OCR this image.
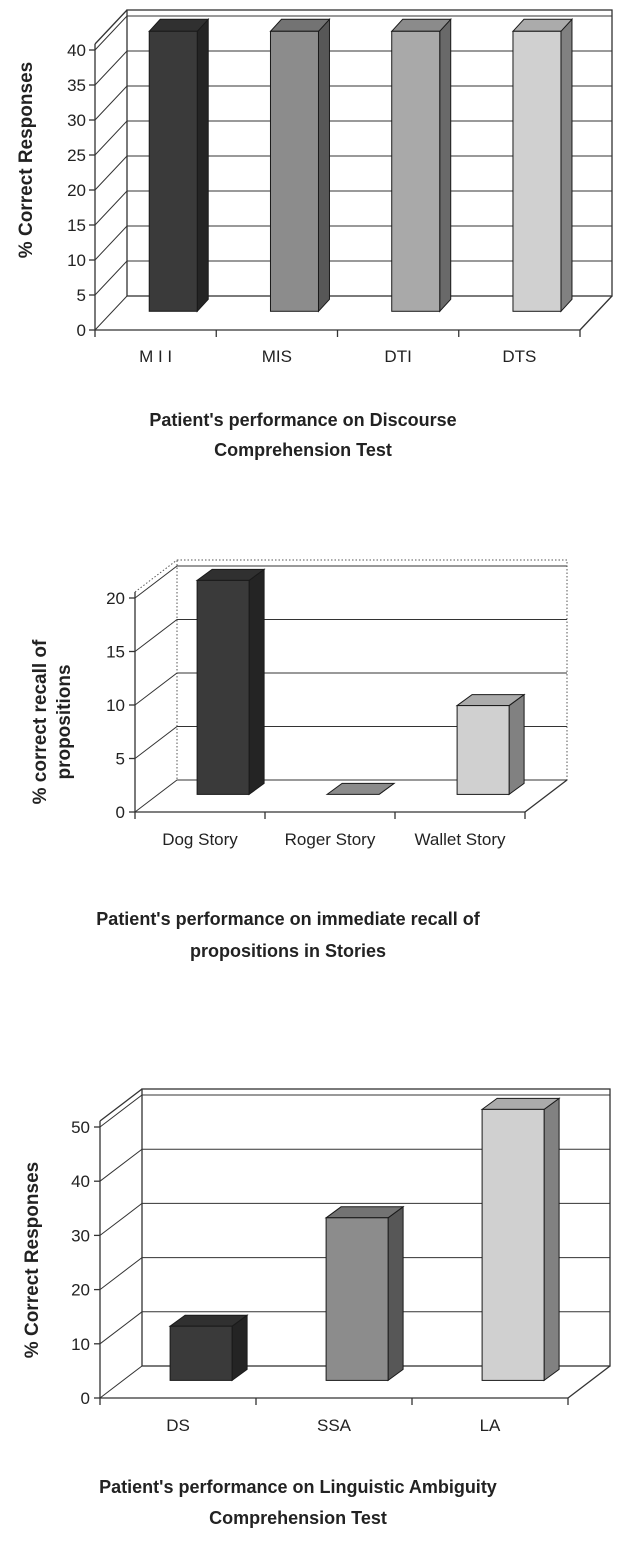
0
5
10
15
20
25
30
35
40
M I I	MIS	DTI	DTS
% Correct Responses
Patient's performance on Discourse
Comprehension Test
0
5
10
15
20
Dog Story	Roger Story Wallet Story
% correct recall of propositions
Patient's performance on immediate recall of
propositions in Stories
0
10
20
30
40
50
DS	SSA	LA
% Correct Responses
Patient's performance on Linguistic Ambiguity
Comprehension Test
